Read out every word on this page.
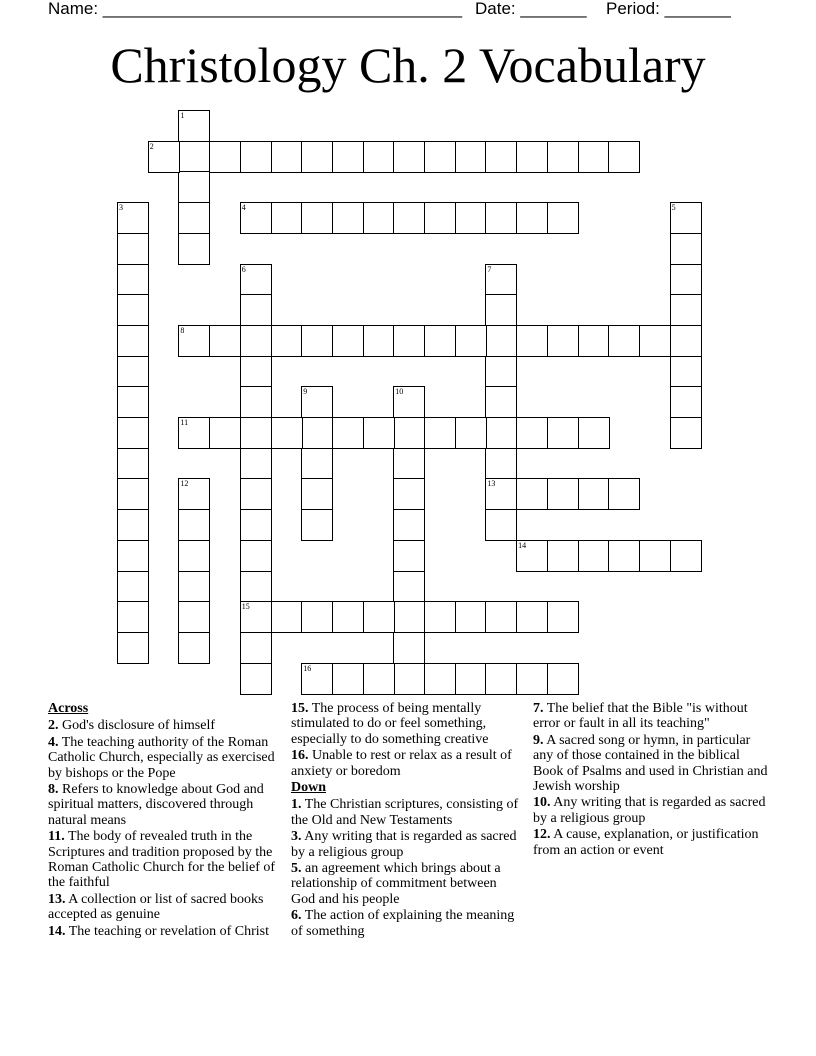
Name: ______________________________________ Date: _______ Period: _______
Christology Ch. 2 Vocabulary
1
2
3	4	5
6
15
7
13
8
9	10
11
12
14
16
Across
2. God's disclosure of himself
4. The teaching authority of the Roman Catholic Church, especially as exercised by bishops or the Pope
8. Refers to knowledge about God and spiritual matters, discovered through natural means
11. The body of revealed truth in the Scriptures and tradition proposed by the Roman Catholic Church for the belief of the faithful
13. A collection or list of sacred books accepted as genuine
14. The teaching or revelation of Christ
15. The process of being mentally stimulated to do or feel something, especially to do something creative
16. Unable to rest or relax as a result of anxiety or boredom
Down
1. The Christian scriptures, consisting of the Old and New Testaments
3. Any writing that is regarded as sacred by a religious group
5. an agreement which brings about a relationship of commitment between God and his people
6. The action of explaining the meaning of something
7. The belief that the Bible "is without error or fault in all its teaching"
9. A sacred song or hymn, in particular any of those contained in the biblical Book of Psalms and used in Christian and Jewish worship
10. Any writing that is regarded as sacred by a religious group
12. A cause, explanation, or justification from an action or event
